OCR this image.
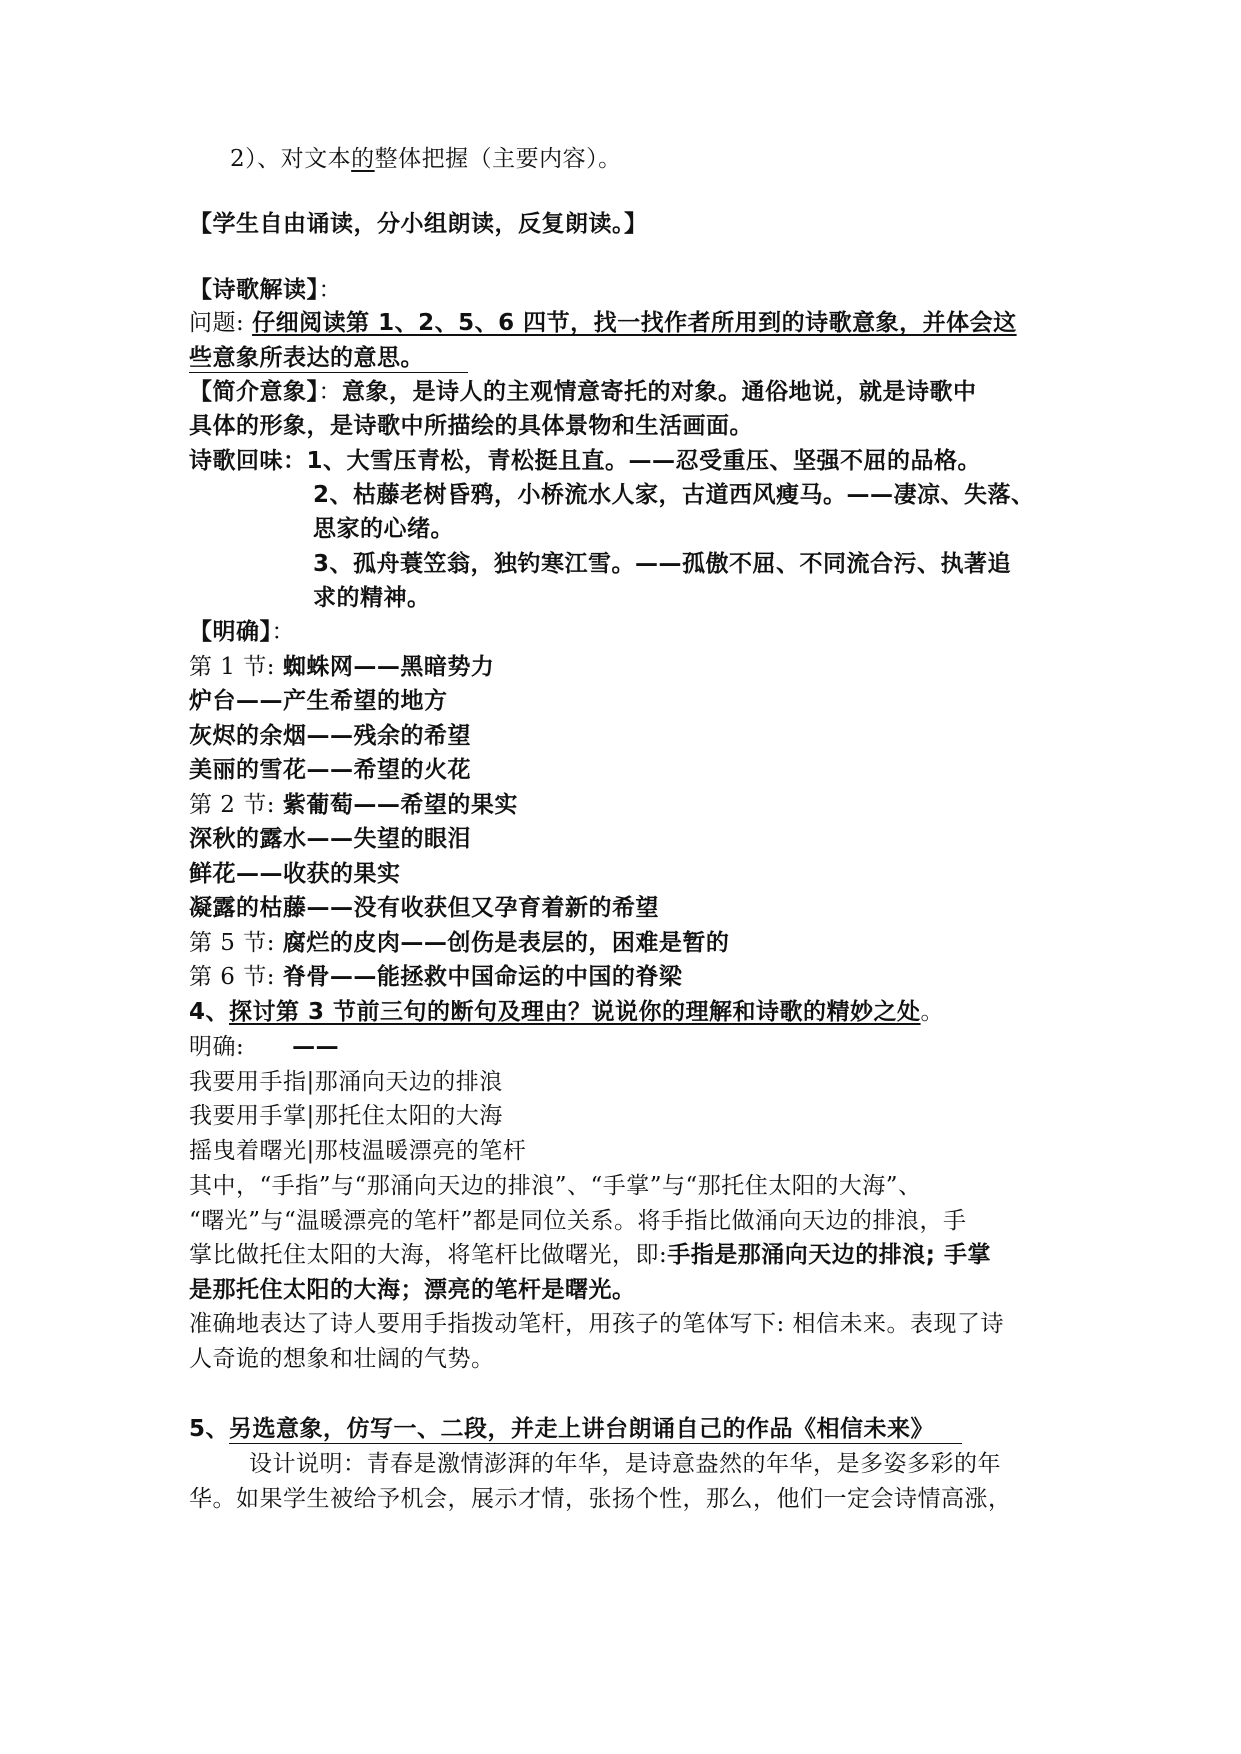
2）、对文本的整体把握（主要内容）。
【学生自由诵读，分小组朗读，反复朗读。】
【诗歌解读】：
问题: 仔细阅读第 1、2、5、6 四节，找一找作者所用到的诗歌意象，并体会这
些意象所表达的意思。
【简介意象】：意象，是诗人的主观情意寄托的对象。通俗地说，就是诗歌中
具体的形象，是诗歌中所描绘的具体景物和生活画面。
诗歌回味：1、大雪压青松，青松挺且直。——忍受重压、坚强不屈的品格。
2、枯藤老树昏鸦，小桥流水人家，古道西风瘦马。——凄凉、失落、
思家的心绪。
3、孤舟蓑笠翁，独钓寒江雪。——孤傲不屈、不同流合污、执著追
求的精神。
【明确】：
第 1 节: 蜘蛛网——黑暗势力
炉台——产生希望的地方
灰烬的余烟——残余的希望
美丽的雪花——希望的火花
第 2 节: 紫葡萄——希望的果实
深秋的露水——失望的眼泪
鲜花——收获的果实
凝露的枯藤——没有收获但又孕育着新的希望
第 5 节: 腐烂的皮肉——创伤是表层的，困难是暂的
第 6 节: 脊骨——能拯救中国命运的中国的脊梁
4、探讨第 3 节前三句的断句及理由？说说你的理解和诗歌的精妙之处。
明确: ——
我要用手指|那涌向天边的排浪
我要用手掌|那托住太阳的大海
摇曳着曙光|那枝温暖漂亮的笔杆
其中，“手指”与“那涌向天边的排浪”、“手掌”与“那托住太阳的大海”、
“曙光”与“温暖漂亮的笔杆”都是同位关系。将手指比做涌向天边的排浪，手
掌比做托住太阳的大海，将笔杆比做曙光，即:手指是那涌向天边的排浪; 手掌
是那托住太阳的大海；漂亮的笔杆是曙光。
准确地表达了诗人要用手指拨动笔杆，用孩子的笔体写下: 相信未来。表现了诗
人奇诡的想象和壮阔的气势。
5、另选意象，仿写一、二段，并走上讲台朗诵自己的作品《相信未来》
设计说明：青春是激情澎湃的年华，是诗意盎然的年华，是多姿多彩的年
华。如果学生被给予机会，展示才情，张扬个性，那么，他们一定会诗情高涨，
